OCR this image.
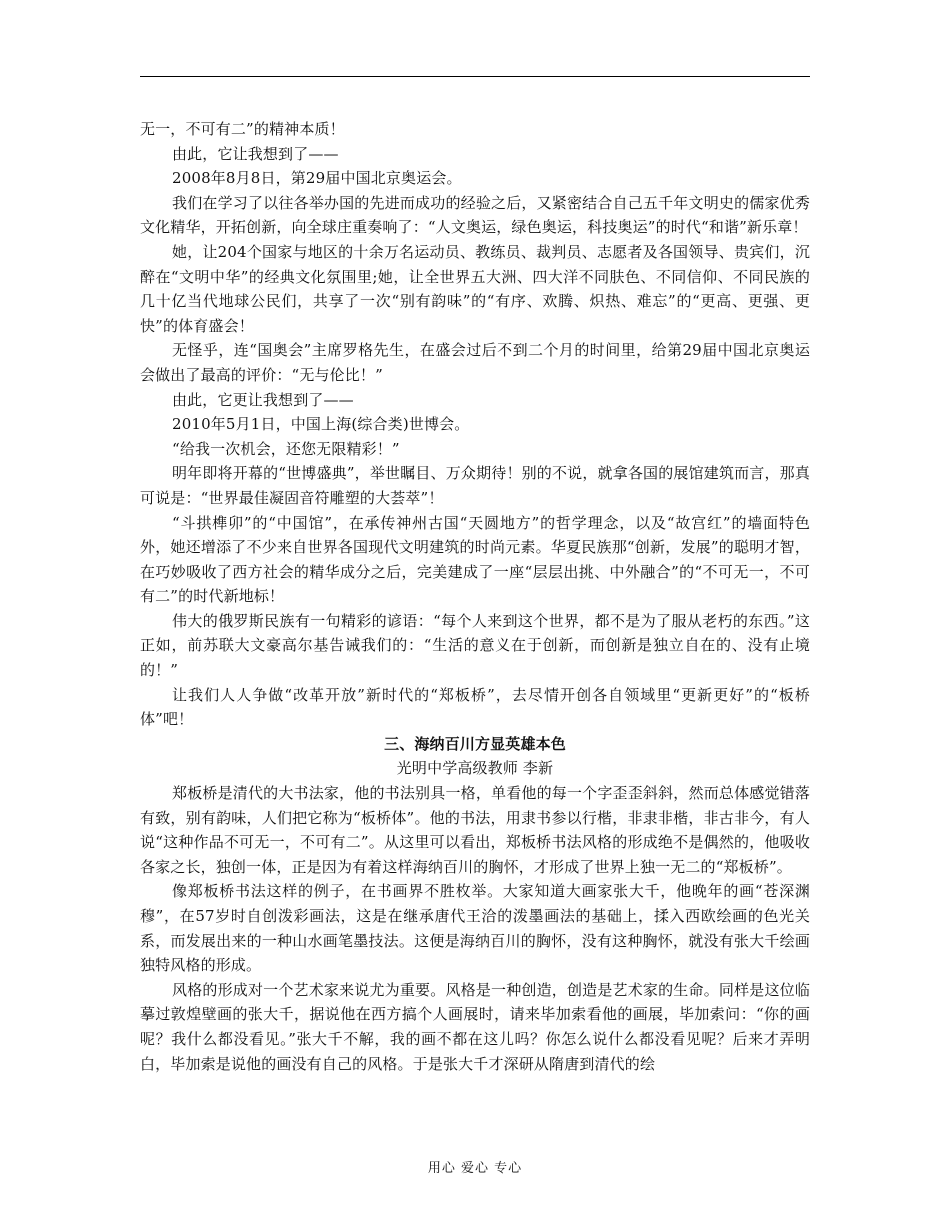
无一，不可有二”的精神本质！

由此，它让我想到了——

2008年8月8日，第29届中国北京奥运会。

我们在学习了以往各举办国的先进而成功的经验之后，又紧密结合自己五千年文明史的儒家优秀文化精华，开拓创新，向全球庄重奏响了：“人文奥运，绿色奥运，科技奥运”的时代“和谐”新乐章！

她，让204个国家与地区的十余万名运动员、教练员、裁判员、志愿者及各国领导、贵宾们，沉醉在“文明中华”的经典文化氛围里;她，让全世界五大洲、四大洋不同肤色、不同信仰、不同民族的几十亿当代地球公民们，共享了一次“别有韵味”的“有序、欢腾、炽热、难忘”的“更高、更强、更快”的体育盛会！

无怪乎，连“国奥会”主席罗格先生，在盛会过后不到二个月的时间里，给第29届中国北京奥运会做出了最高的评价：“无与伦比！”

由此，它更让我想到了——

2010年5月1日，中国上海(综合类)世博会。

“给我一次机会，还您无限精彩！”

明年即将开幕的“世博盛典”，举世瞩目、万众期待！别的不说，就拿各国的展馆建筑而言，那真可说是：“世界最佳凝固音符雕塑的大荟萃”！

“斗拱榫卯”的“中国馆”，在承传神州古国“天圆地方”的哲学理念，以及“故宫红”的墙面特色外，她还增添了不少来自世界各国现代文明建筑的时尚元素。华夏民族那“创新，发展”的聪明才智，在巧妙吸收了西方社会的精华成分之后，完美建成了一座“层层出挑、中外融合”的“不可无一，不可有二”的时代新地标！

伟大的俄罗斯民族有一句精彩的谚语：“每个人来到这个世界，都不是为了服从老朽的东西。”这正如，前苏联大文豪高尔基告诫我们的：“生活的意义在于创新，而创新是独立自在的、没有止境的！”

让我们人人争做“改革开放”新时代的“郑板桥”，去尽情开创各自领域里“更新更好”的“板桥体”吧！

三、海纳百川方显英雄本色

光明中学高级教师 李新

郑板桥是清代的大书法家，他的书法别具一格，单看他的每一个字歪歪斜斜，然而总体感觉错落有致，别有韵味，人们把它称为“板桥体”。他的书法，用隶书参以行楷，非隶非楷，非古非今，有人说“这种作品不可无一，不可有二”。从这里可以看出，郑板桥书法风格的形成绝不是偶然的，他吸收各家之长，独创一体，正是因为有着这样海纳百川的胸怀，才形成了世界上独一无二的“郑板桥”。

像郑板桥书法这样的例子，在书画界不胜枚举。大家知道大画家张大千，他晚年的画“苍深渊穆”，在57岁时自创泼彩画法，这是在继承唐代王洽的泼墨画法的基础上，揉入西欧绘画的色光关系，而发展出来的一种山水画笔墨技法。这便是海纳百川的胸怀，没有这种胸怀，就没有张大千绘画独特风格的形成。

风格的形成对一个艺术家来说尤为重要。风格是一种创造，创造是艺术家的生命。同样是这位临摹过敦煌壁画的张大千，据说他在西方搞个人画展时，请来毕加索看他的画展，毕加索问：“你的画呢？我什么都没看见。”张大千不解，我的画不都在这儿吗？你怎么说什么都没看见呢？后来才弄明白，毕加索是说他的画没有自己的风格。于是张大千才深研从隋唐到清代的绘

用心 爱心 专心
